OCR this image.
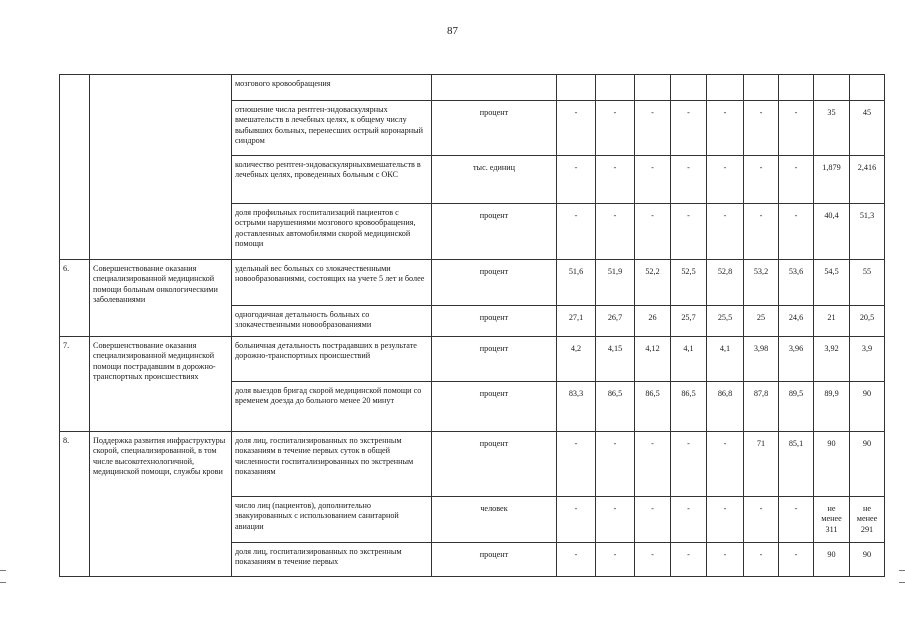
87
		мозгового кровообращения										
		отношение числа рентген-эндоваскулярных вмешательств в лечебных целях, к общему числу выбывших больных, перенесших острый коронарный синдром	процент	-	-	-	-	-	-	-	35	45
		количество рентген-эндоваскулярныхвмешательств в лечебных целях, проведенных больным с ОКС	тыс. единиц	-	-	-	-	-	-	-	1,879	2,416
		доля профильных госпитализаций пациентов с острыми нарушениями мозгового кровообращения, доставленных автомобилями скорой медицинской помощи	процент	-	-	-	-	-	-	-	40,4	51,3
6.	Совершенствование оказания специализированной медицинской помощи больным онкологическими заболеваниями	удельный вес больных со злокачественными новообразованиями, состоящих на учете 5 лет и более	процент	51,6	51,9	52,2	52,5	52,8	53,2	53,6	54,5	55
		одногодичная детальность больных со злокачественными новообразованиями	процент	27,1	26,7	26	25,7	25,5	25	24,6	21	20,5
7.	Совершенствование оказания специализированной медицинской помощи пострадавшим в дорожно-транспортных происшествиях	больничная детальность пострадавших в результате дорожно-транспортных происшествий	процент	4,2	4,15	4,12	4,1	4,1	3,98	3,96	3,92	3,9
		доля выездов бригад скорой медицинской помощи со временем доезда до больного менее 20 минут	процент	83,3	86,5	86,5	86,5	86,8	87,8	89,5	89,9	90
8.	Поддержка развития инфраструктуры скорой, специализированной, в том числе высокотехнологичной, медицинской помощи, службы крови	доля лиц, госпитализированных по экстренным показаниям в течение первых суток в общей численности госпитализированных по экстренным показаниям	процент	-	-	-	-	-	71	85,1	90	90
		число лиц (пациентов), дополнительно эвакуированных с использованием санитарной авиации	человек	-	-	-	-	-	-	-	не менее 311	не менее 291
		доля лиц, госпитализированных по экстренным показаниям в течение первых	процент	-	-	-	-	-	-	-	90	90
